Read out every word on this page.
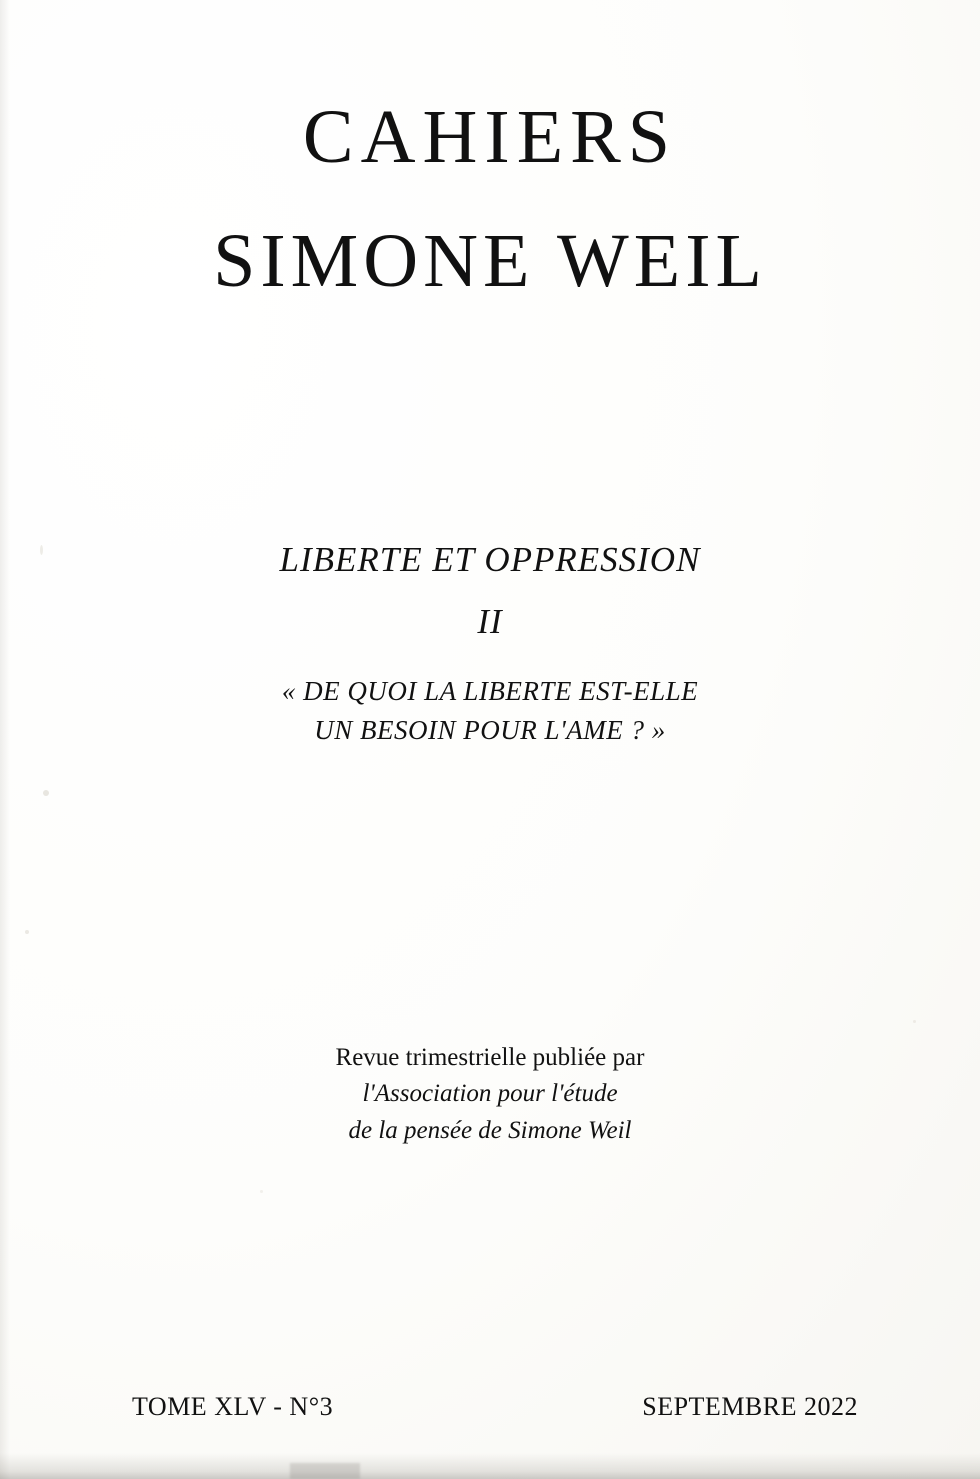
CAHIERS
SIMONE WEIL
LIBERTE ET OPPRESSION
II
« DE QUOI LA LIBERTE EST-ELLE
UN BESOIN POUR L'AME ? »
Revue trimestrielle publiée par
l'Association pour l'étude
de la pensée de Simone Weil
TOME XLV - N°3	SEPTEMBRE 2022
